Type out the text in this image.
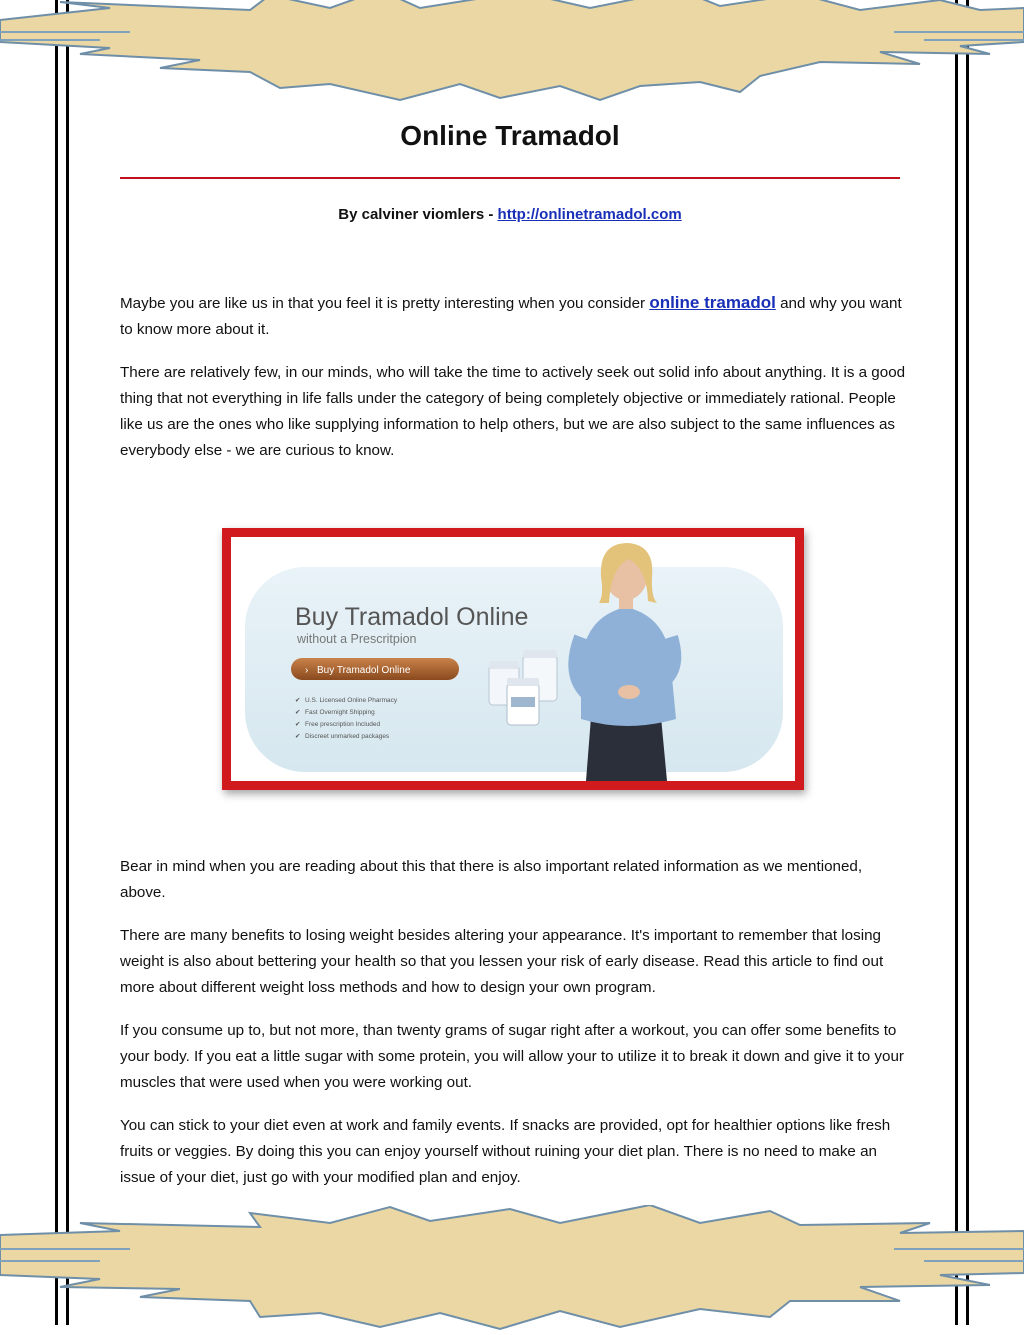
Online Tramadol
By calviner viomlers - http://onlinetramadol.com

Maybe you are like us in that you feel it is pretty interesting when you consider online tramadol and why you want to know more about it.

There are relatively few, in our minds, who will take the time to actively seek out solid info about anything. It is a good thing that not everything in life falls under the category of being completely objective or immediately rational. People like us are the ones who like supplying information to help others, but we are also subject to the same influences as everybody else - we are curious to know.

Buy Tramadol Online
without a Prescritpion
› Buy Tramadol Online
✔ U.S. Licensed Online Pharmacy
✔ Fast Overnight Shipping
✔ Free prescription Included
✔ Discreet unmarked packages

Bear in mind when you are reading about this that there is also important related information as we mentioned, above.

There are many benefits to losing weight besides altering your appearance. It's important to remember that losing weight is also about bettering your health so that you lessen your risk of early disease. Read this article to find out more about different weight loss methods and how to design your own program.

If you consume up to, but not more, than twenty grams of sugar right after a workout, you can offer some benefits to your body. If you eat a little sugar with some protein, you will allow your to utilize it to break it down and give it to your muscles that were used when you were working out.

You can stick to your diet even at work and family events. If snacks are provided, opt for healthier options like fresh fruits or veggies. By doing this you can enjoy yourself without ruining your diet plan. There is no need to make an issue of your diet, just go with your modified plan and enjoy.
